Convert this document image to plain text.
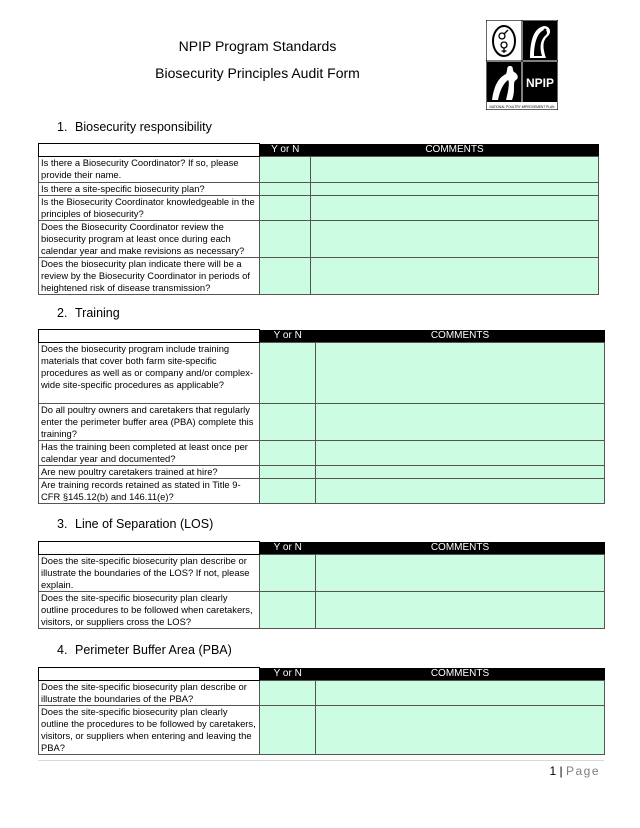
NPIP Program Standards
Biosecurity Principles Audit Form
NPIP
NATIONAL POULTRY IMPROVEMENT PLAN
1. Biosecurity responsibility
	Y or N	COMMENTS
Is there a Biosecurity Coordinator? If so, please provide their name.		
Is there a site-specific biosecurity plan?		
Is the Biosecurity Coordinator knowledgeable in the principles of biosecurity?		
Does the Biosecurity Coordinator review the biosecurity program at least once during each calendar year and make revisions as necessary?		
Does the biosecurity plan indicate there will be a review by the Biosecurity Coordinator in periods of heightened risk of disease transmission?		
2. Training
	Y or N	COMMENTS
Does the biosecurity program include training materials that cover both farm site-specific procedures as well as or company and/or complex-wide site-specific procedures as applicable?		
Do all poultry owners and caretakers that regularly enter the perimeter buffer area (PBA) complete this training?		
Has the training been completed at least once per calendar year and documented?		
Are new poultry caretakers trained at hire?		
Are training records retained as stated in Title 9-CFR §145.12(b) and 146.11(e)?		
3. Line of Separation (LOS)
	Y or N	COMMENTS
Does the site-specific biosecurity plan describe or illustrate the boundaries of the LOS? If not, please explain.		
Does the site-specific biosecurity plan clearly outline procedures to be followed when caretakers, visitors, or suppliers cross the LOS?		
4. Perimeter Buffer Area (PBA)
	Y or N	COMMENTS
Does the site-specific biosecurity plan describe or illustrate the boundaries of the PBA?		
Does the site-specific biosecurity plan clearly outline the procedures to be followed by caretakers, visitors, or suppliers when entering and leaving the PBA?		
1 | Page
